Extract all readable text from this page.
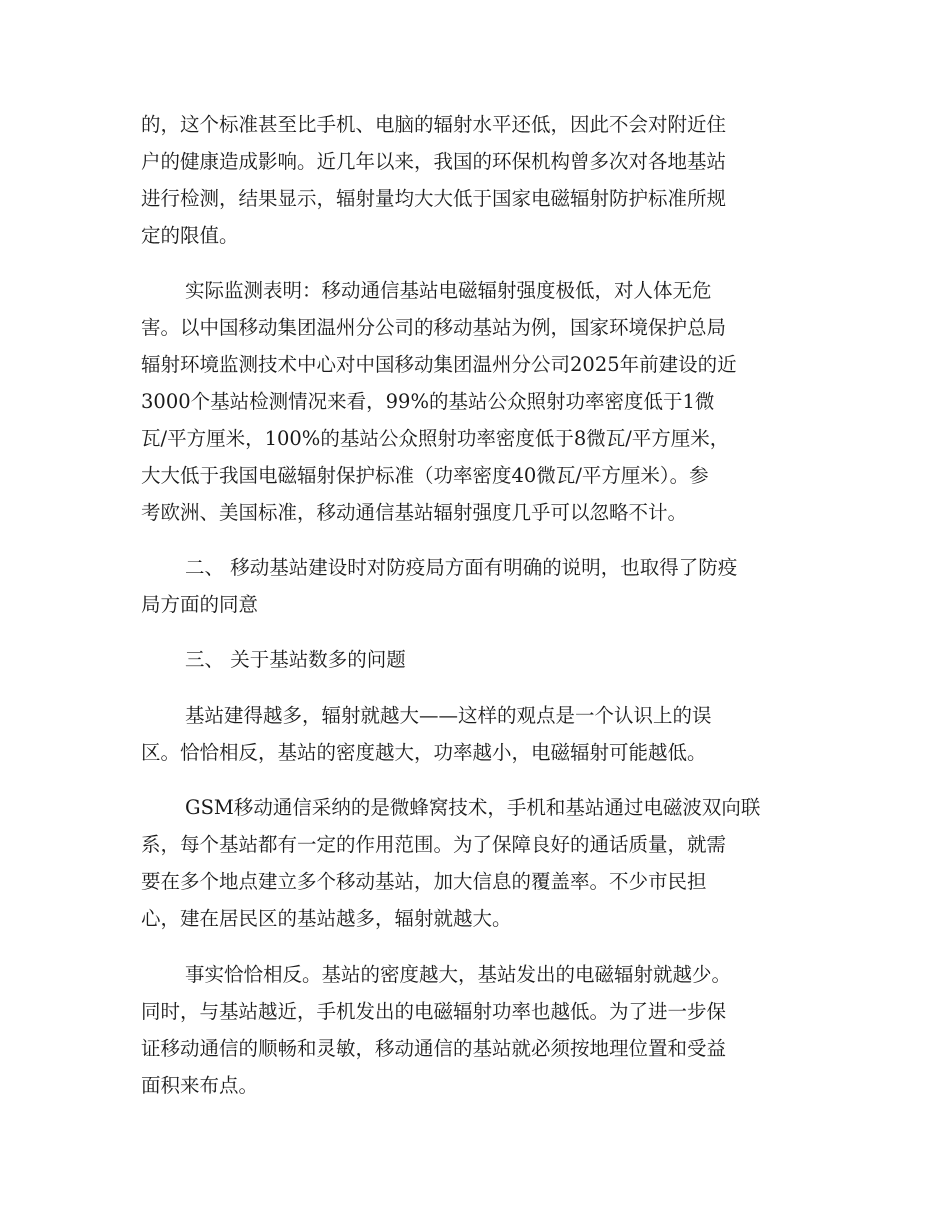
的，这个标准甚至比手机、电脑的辐射水平还低，因此不会对附近住
户的健康造成影响。近几年以来，我国的环保机构曾多次对各地基站
进行检测，结果显示，辐射量均大大低于国家电磁辐射防护标准所规
定的限值。
实际监测表明：移动通信基站电磁辐射强度极低，对人体无危
害。以中国移动集团温州分公司的移动基站为例，国家环境保护总局
辐射环境监测技术中心对中国移动集团温州分公司2025年前建设的近
3000个基站检测情况来看，99%的基站公众照射功率密度低于1微
瓦/平方厘米，100%的基站公众照射功率密度低于8微瓦/平方厘米，
大大低于我国电磁辐射保护标准（功率密度40微瓦/平方厘米）。参
考欧洲、美国标准，移动通信基站辐射强度几乎可以忽略不计。
二、 移动基站建设时对防疫局方面有明确的说明，也取得了防疫
局方面的同意
三、 关于基站数多的问题
基站建得越多，辐射就越大——这样的观点是一个认识上的误
区。恰恰相反，基站的密度越大，功率越小，电磁辐射可能越低。
GSM移动通信采纳的是微蜂窝技术，手机和基站通过电磁波双向联
系，每个基站都有一定的作用范围。为了保障良好的通话质量，就需
要在多个地点建立多个移动基站，加大信息的覆盖率。不少市民担
心，建在居民区的基站越多，辐射就越大。
事实恰恰相反。基站的密度越大，基站发出的电磁辐射就越少。
同时，与基站越近，手机发出的电磁辐射功率也越低。为了进一步保
证移动通信的顺畅和灵敏，移动通信的基站就必须按地理位置和受益
面积来布点。
